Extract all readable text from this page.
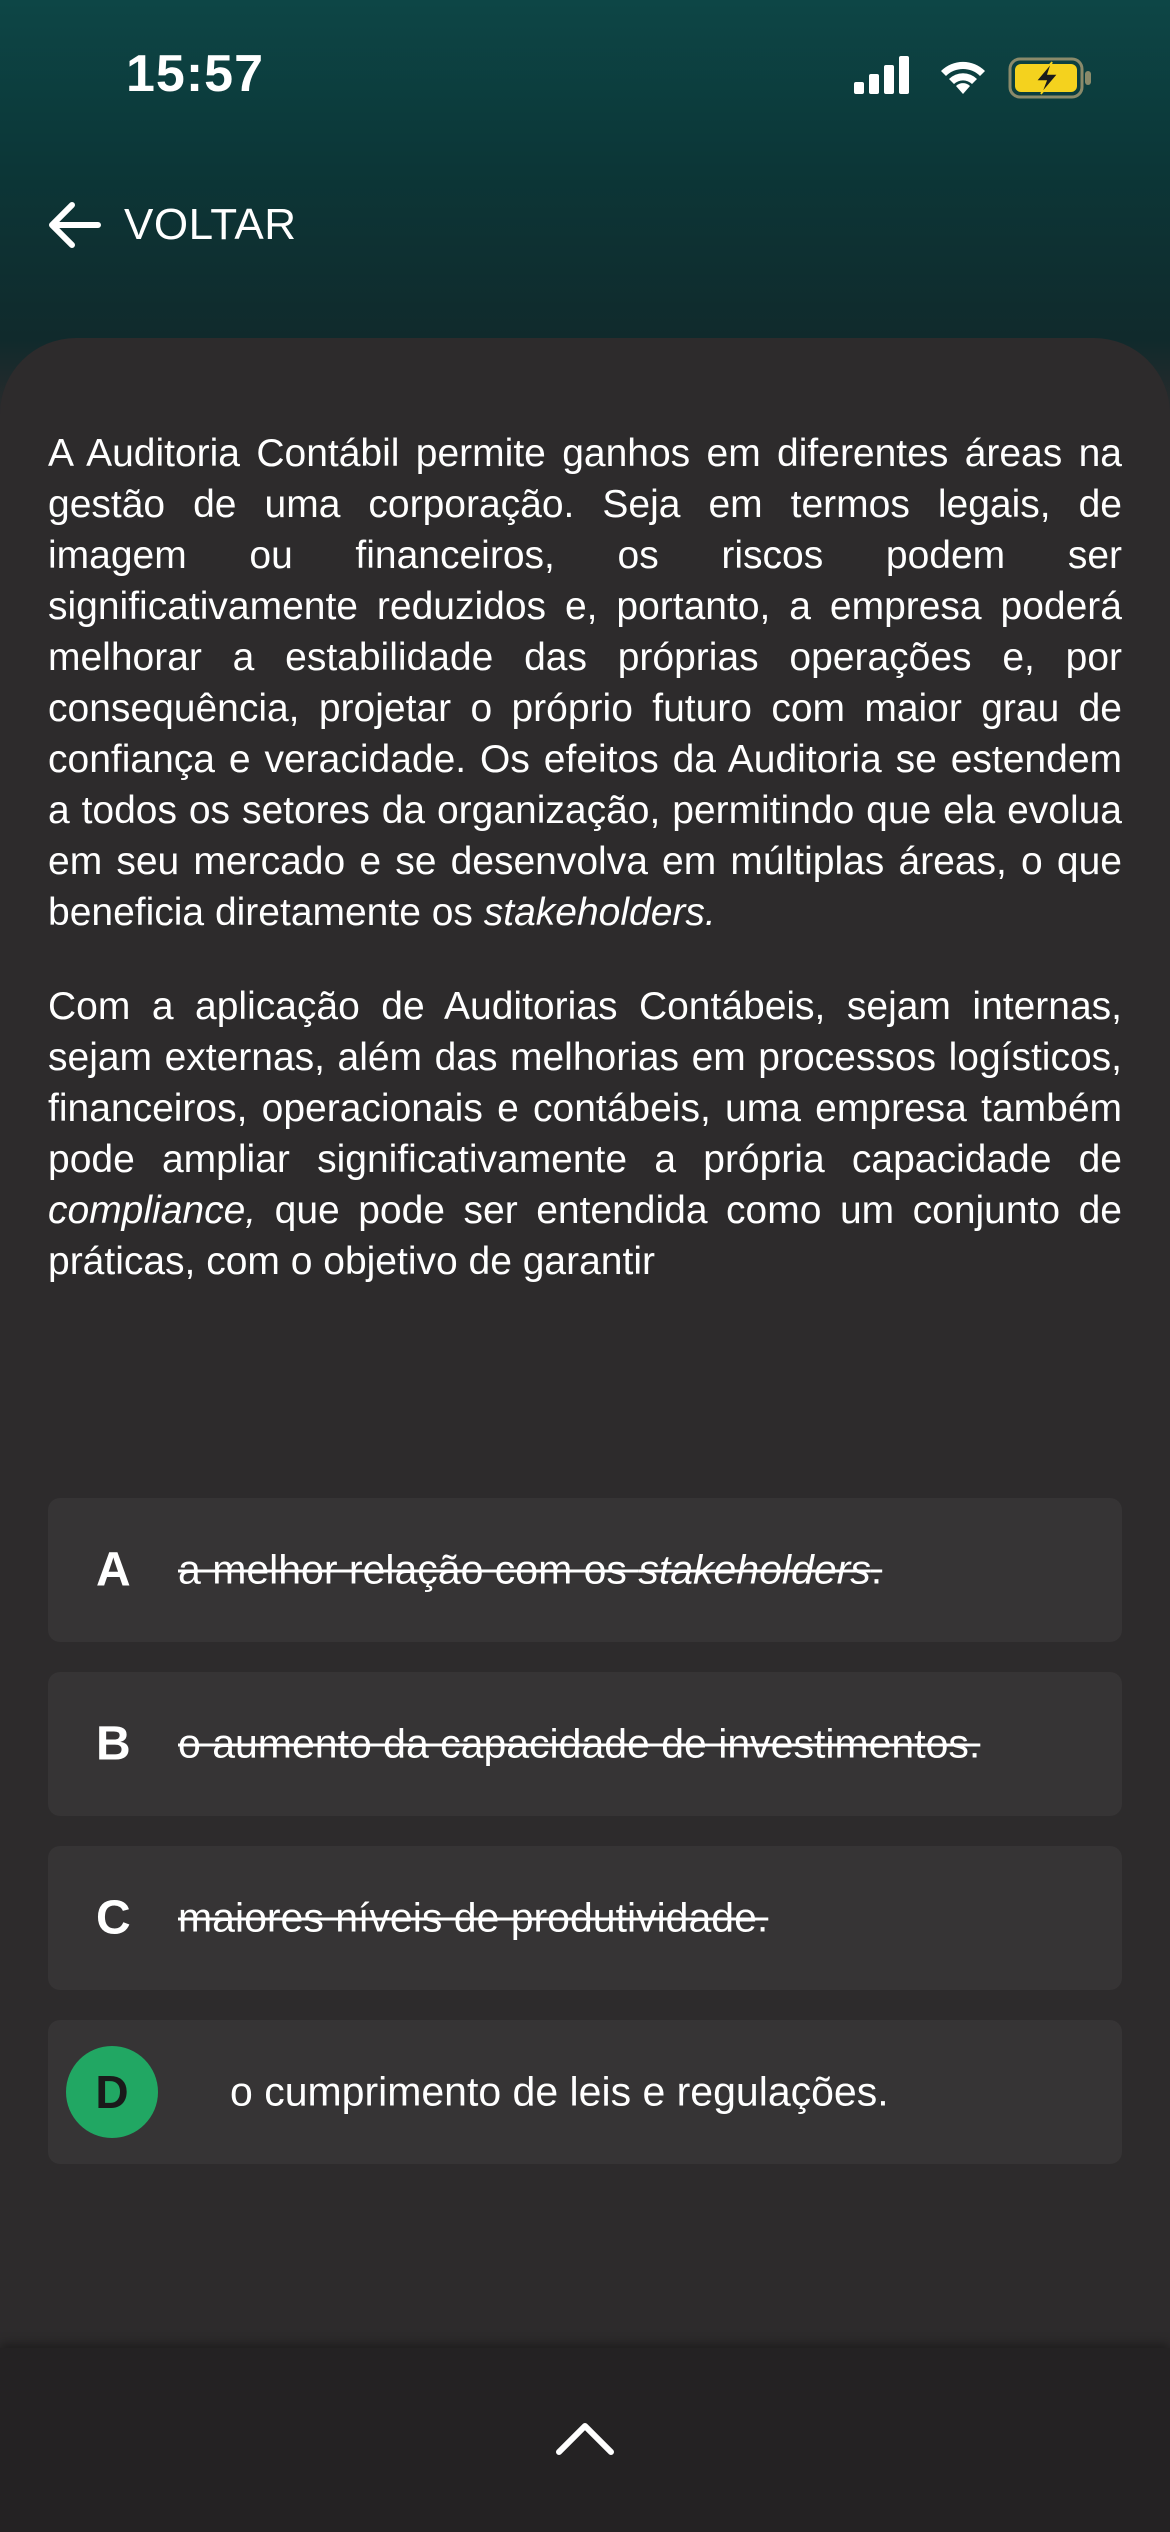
15:57
VOLTAR

A Auditoria Contábil permite ganhos em diferentes áreas na gestão de uma corporação. Seja em termos legais, de imagem ou financeiros, os riscos podem ser significativamente reduzidos e, portanto, a empresa poderá melhorar a estabilidade das próprias operações e, por consequência, projetar o próprio futuro com maior grau de confiança e veracidade. Os efeitos da Auditoria se estendem a todos os setores da organização, permitindo que ela evolua em seu mercado e se desenvolva em múltiplas áreas, o que beneficia diretamente os stakeholders.

Com a aplicação de Auditorias Contábeis, sejam internas, sejam externas, além das melhorias em processos logísticos, financeiros, operacionais e contábeis, uma empresa também pode ampliar significativamente a própria capacidade de compliance, que pode ser entendida como um conjunto de práticas, com o objetivo de garantir

A a melhor relação com os stakeholders.
B o aumento da capacidade de investimentos.
C maiores níveis de produtividade.
D o cumprimento de leis e regulações.
